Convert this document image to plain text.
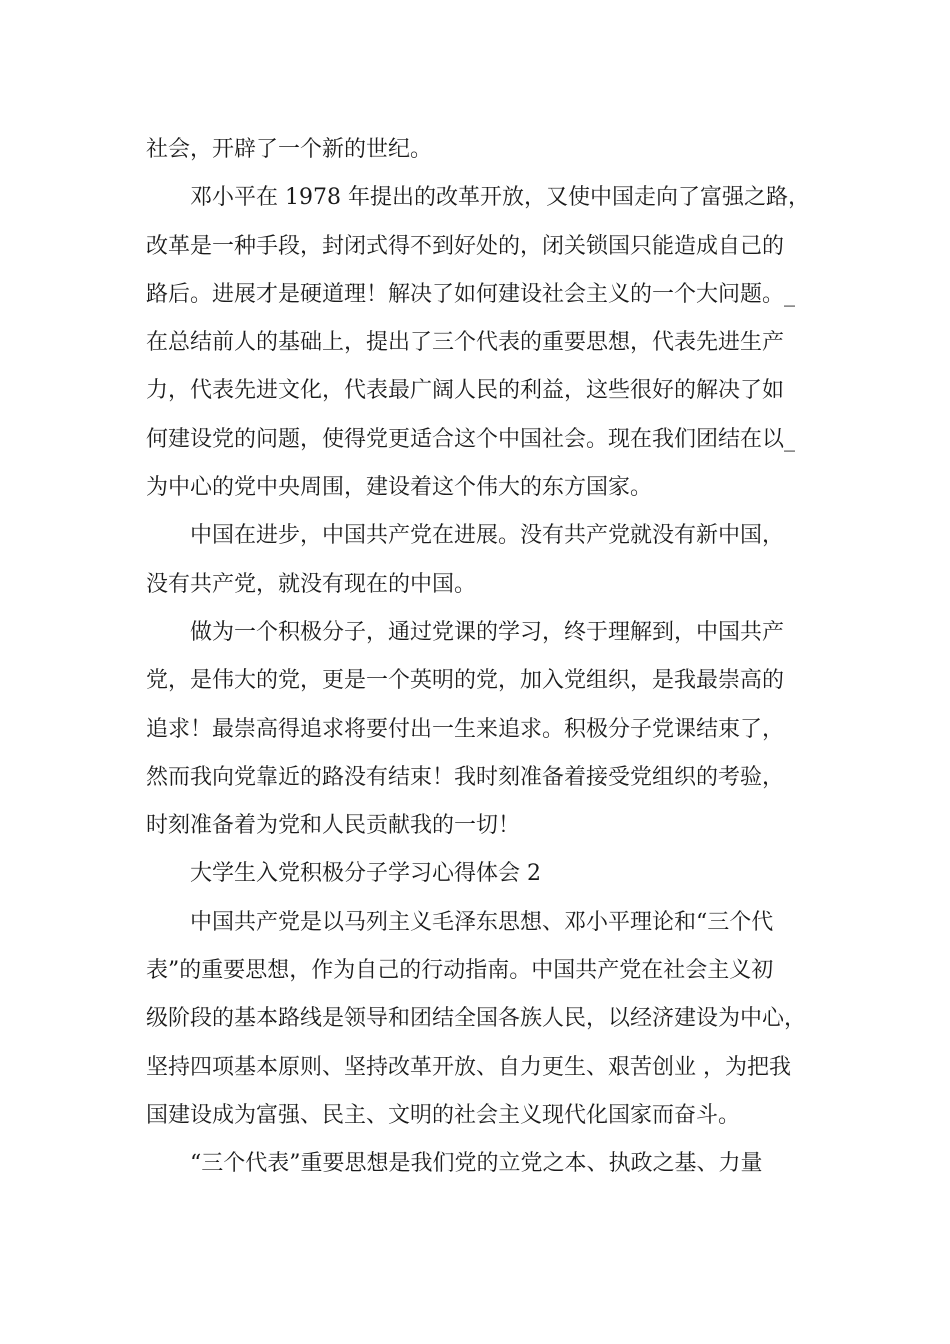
社会，开辟了一个新的世纪。
邓小平在 1978 年提出的改革开放，又使中国走向了富强之路，
改革是一种手段，封闭式得不到好处的，闭关锁国只能造成自己的
路后。进展才是硬道理！解决了如何建设社会主义的一个大问题。_
在总结前人的基础上，提出了三个代表的重要思想，代表先进生产
力，代表先进文化，代表最广阔人民的利益，这些很好的解决了如
何建设党的问题，使得党更适合这个中国社会。现在我们团结在以_
为中心的党中央周围，建设着这个伟大的东方国家。
中国在进步，中国共产党在进展。没有共产党就没有新中国，
没有共产党，就没有现在的中国。
做为一个积极分子，通过党课的学习，终于理解到，中国共产
党，是伟大的党，更是一个英明的党，加入党组织，是我最崇高的
追求！最崇高得追求将要付出一生来追求。积极分子党课结束了，
然而我向党靠近的路没有结束！我时刻准备着接受党组织的考验，
时刻准备着为党和人民贡献我的一切！
大学生入党积极分子学习心得体会 2
中国共产党是以马列主义毛泽东思想、邓小平理论和“三个代
表”的重要思想，作为自己的行动指南。中国共产党在社会主义初
级阶段的基本路线是领导和团结全国各族人民，以经济建设为中心，
坚持四项基本原则、坚持改革开放、自力更生、艰苦创业 ，为把我
国建设成为富强、民主、文明的社会主义现代化国家而奋斗。
“三个代表”重要思想是我们党的立党之本、执政之基、力量
